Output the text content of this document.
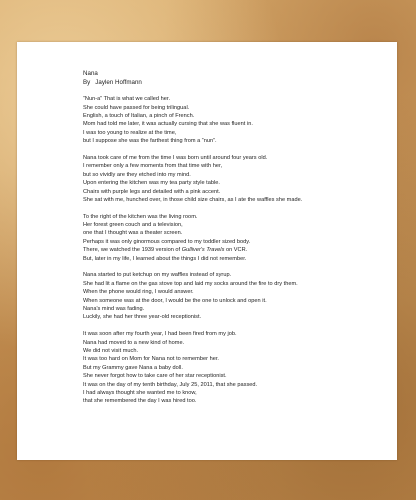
Nana
By Jaylen Hoffmann
“Nun-a” That is what we called her.
She could have passed for being trilingual.
English, a touch of Italian, a pinch of French.
Mom had told me later, it was actually cursing that she was fluent in.
I was too young to realize at the time,
but I suppose she was the farthest thing from a “nun”.
Nana took care of me from the time I was born until around four years old.
I remember only a few moments from that time with her,
but so vividly are they etched into my mind.
Upon entering the kitchen was my tea party style table.
Chairs with purple legs and detailed with a pink accent.
She sat with me, hunched over, in those child size chairs, as I ate the waffles she made.
To the right of the kitchen was the living room.
Her forest green couch and a television,
one that I thought was a theater screen.
Perhaps it was only ginormous compared to my toddler sized body.
There, we watched the 1939 version of Gulliver's Travels on VCR.
But, later in my life, I learned about the things I did not remember.
Nana started to put ketchup on my waffles instead of syrup.
She had lit a flame on the gas stove top and laid my socks around the fire to dry them.
When the phone would ring, I would answer.
When someone was at the door, I would be the one to unlock and open it.
Nana's mind was fading.
Luckily, she had her three year-old receptionist.
It was soon after my fourth year, I had been fired from my job.
Nana had moved to a new kind of home.
We did not visit much.
It was too hard on Mom for Nana not to remember her.
But my Grammy gave Nana a baby doll.
She never forgot how to take care of her star receptionist.
It was on the day of my tenth birthday, July 25, 2011, that she passed.
I had always thought she wanted me to know,
that she remembered the day I was hired too.
